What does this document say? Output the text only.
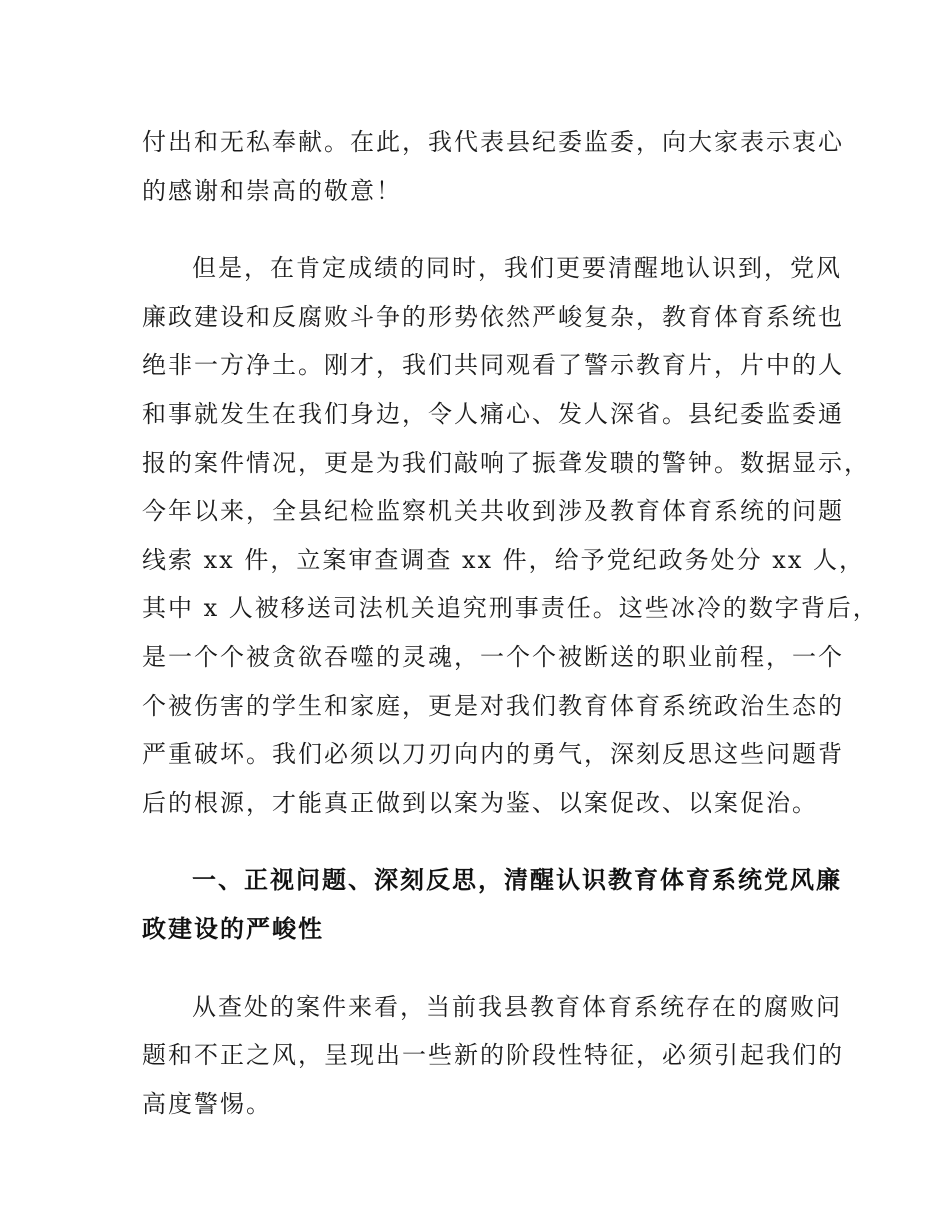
付出和无私奉献。在此，我代表县纪委监委，向大家表示衷心
的感谢和崇高的敬意！
但是，在肯定成绩的同时，我们更要清醒地认识到，党风
廉政建设和反腐败斗争的形势依然严峻复杂，教育体育系统也
绝非一方净土。刚才，我们共同观看了警示教育片，片中的人
和事就发生在我们身边，令人痛心、发人深省。县纪委监委通
报的案件情况，更是为我们敲响了振聋发聩的警钟。数据显示，
今年以来，全县纪检监察机关共收到涉及教育体育系统的问题
线索 xx 件，立案审查调查 xx 件，给予党纪政务处分 xx 人，
其中 x 人被移送司法机关追究刑事责任。这些冰冷的数字背后，
是一个个被贪欲吞噬的灵魂，一个个被断送的职业前程，一个
个被伤害的学生和家庭，更是对我们教育体育系统政治生态的
严重破坏。我们必须以刀刃向内的勇气，深刻反思这些问题背
后的根源，才能真正做到以案为鉴、以案促改、以案促治。
一、正视问题、深刻反思，清醒认识教育体育系统党风廉
政建设的严峻性
从查处的案件来看，当前我县教育体育系统存在的腐败问
题和不正之风，呈现出一些新的阶段性特征，必须引起我们的
高度警惕。
